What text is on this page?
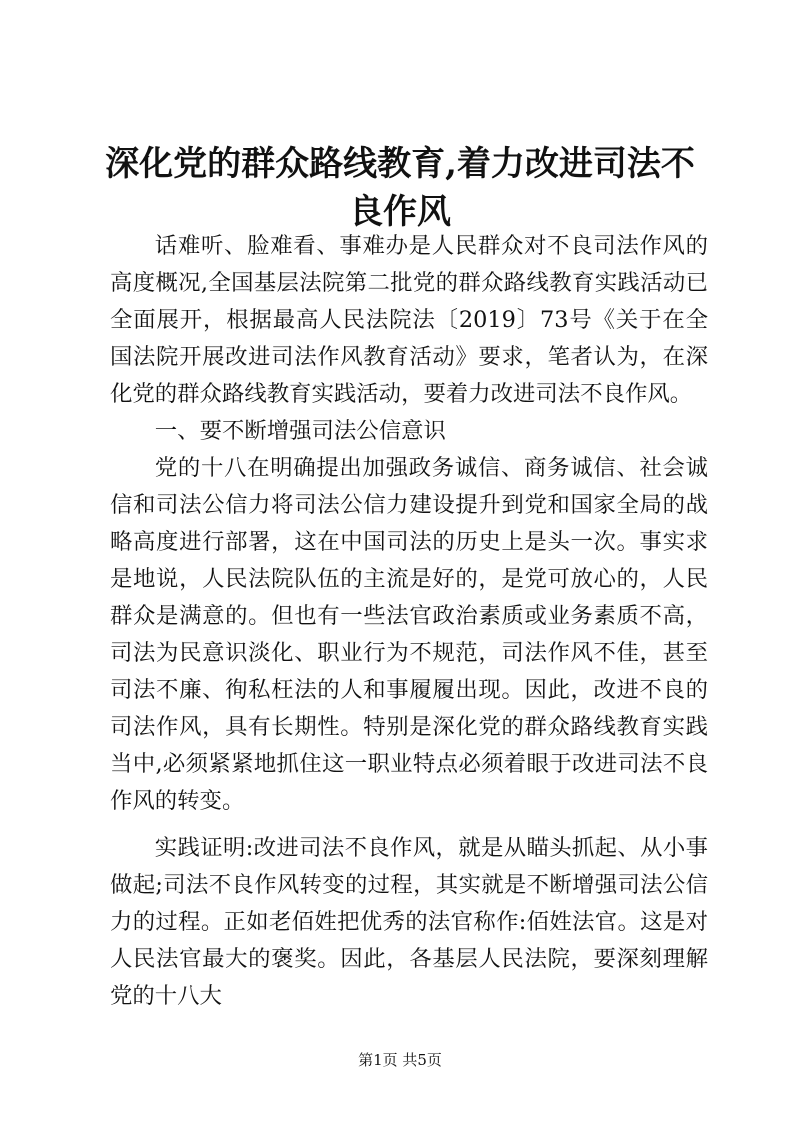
深化党的群众路线教育,着力改进司法不良作风

话难听、脸难看、事难办是人民群众对不良司法作风的高度概况,全国基层法院第二批党的群众路线教育实践活动已全面展开，根据最高人民法院法〔2019〕73号《关于在全国法院开展改进司法作风教育活动》要求，笔者认为，在深化党的群众路线教育实践活动，要着力改进司法不良作风。

一、要不断增强司法公信意识

党的十八在明确提出加强政务诚信、商务诚信、社会诚信和司法公信力将司法公信力建设提升到党和国家全局的战略高度进行部署，这在中国司法的历史上是头一次。事实求是地说，人民法院队伍的主流是好的，是党可放心的，人民群众是满意的。但也有一些法官政治素质或业务素质不高，司法为民意识淡化、职业行为不规范，司法作风不佳，甚至司法不廉、徇私枉法的人和事履履出现。因此，改进不良的司法作风，具有长期性。特别是深化党的群众路线教育实践当中,必须紧紧地抓住这一职业特点必须着眼于改进司法不良作风的转变。

实践证明:改进司法不良作风，就是从瞄头抓起、从小事做起;司法不良作风转变的过程，其实就是不断增强司法公信力的过程。正如老佰姓把优秀的法官称作:佰姓法官。这是对人民法官最大的褒奖。因此，各基层人民法院，要深刻理解党的十八大

第1页 共5页
